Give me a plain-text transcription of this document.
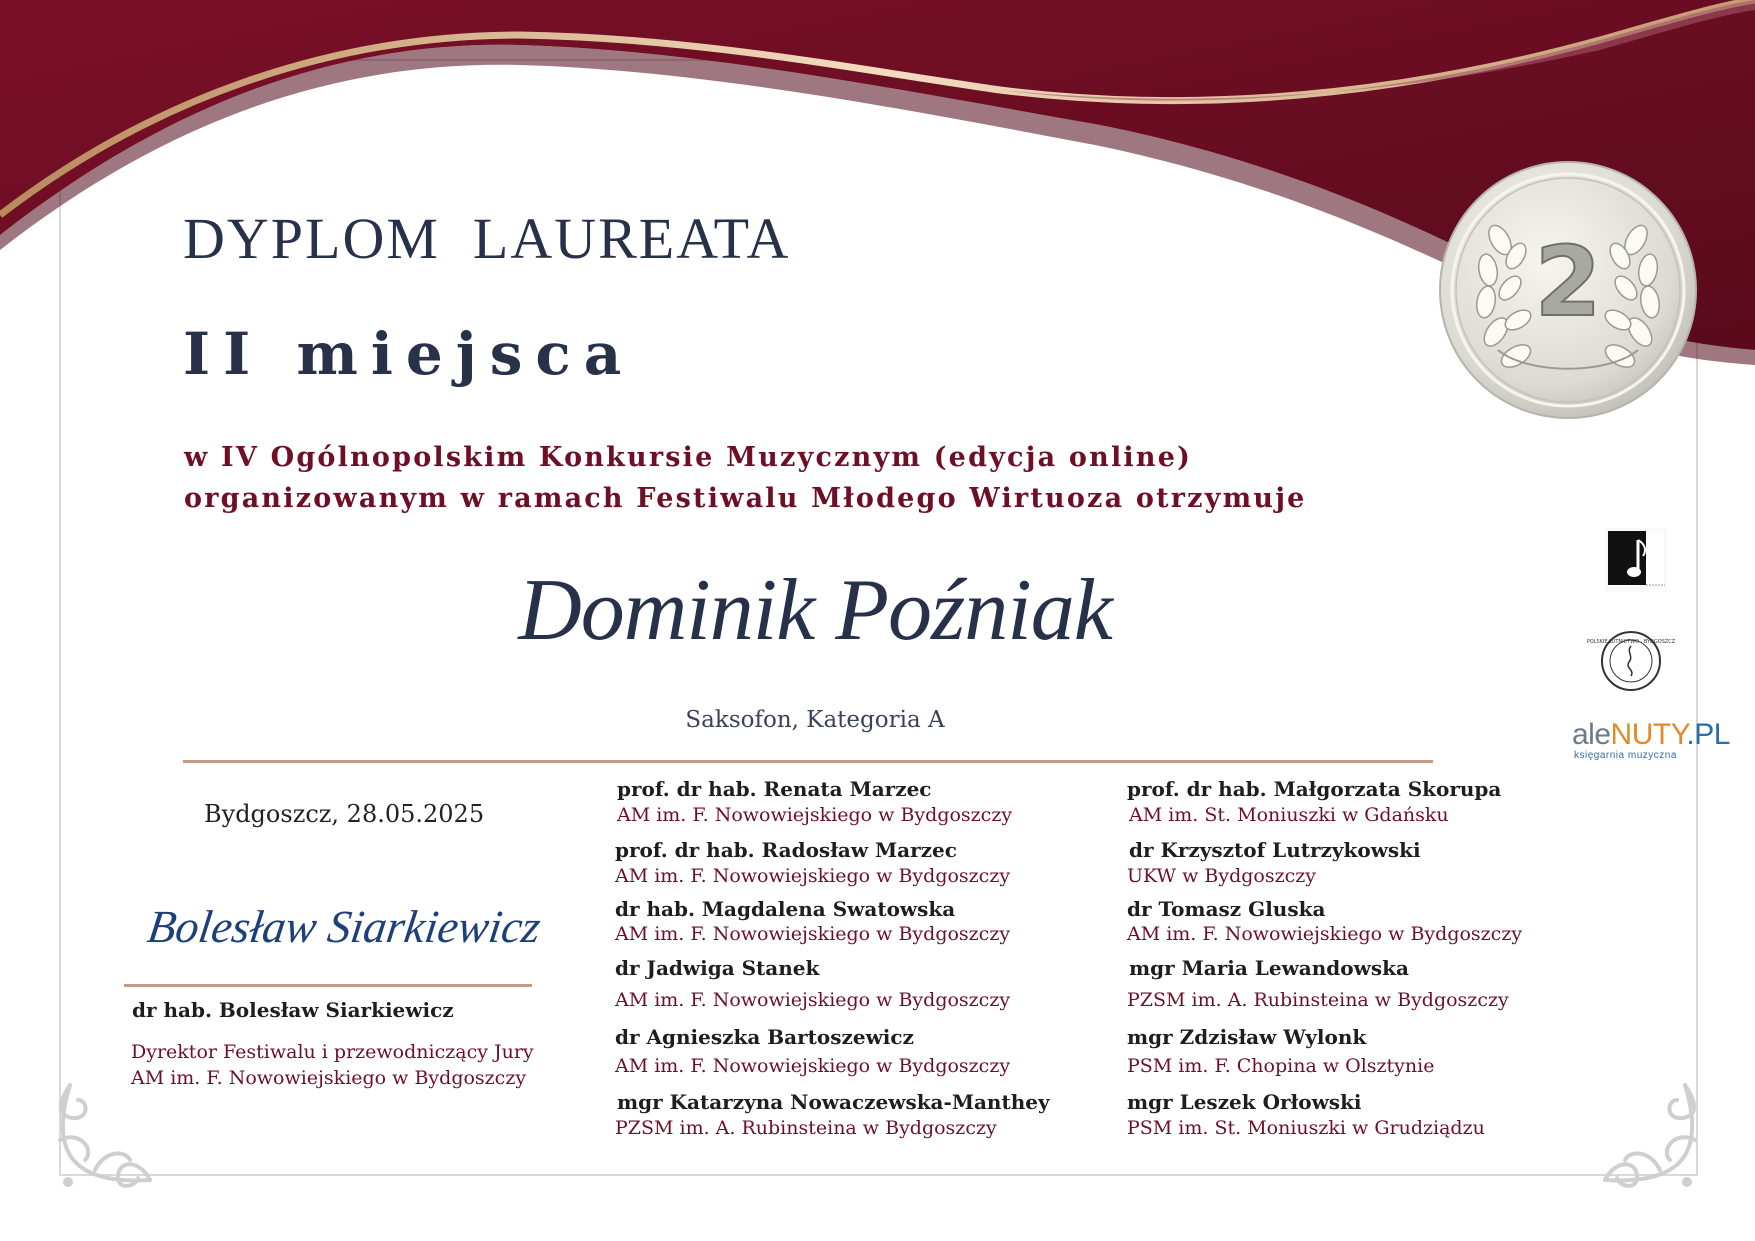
2
DYPLOM  LAUREATA
II miejsca
w IV Ogólnopolskim Konkursie Muzycznym (edycja online)
organizowanym w ramach Festiwalu Młodego Wirtuoza otrzymuje
Dominik Poźniak
Saksofon, Kategoria A
Bydgoszcz, 28.05.2025
Bolesław Siarkiewicz
dr hab. Bolesław Siarkiewicz
Dyrektor Festiwalu i przewodniczący Jury
AM im. F. Nowowiejskiego w Bydgoszczy
prof. dr hab. Renata Marzec
AM im. F. Nowowiejskiego w Bydgoszczy
prof. dr hab. Radosław Marzec
AM im. F. Nowowiejskiego w Bydgoszczy
dr hab. Magdalena Swatowska
AM im. F. Nowowiejskiego w Bydgoszczy
dr Jadwiga Stanek
AM im. F. Nowowiejskiego w Bydgoszczy
dr Agnieszka Bartoszewicz
AM im. F. Nowowiejskiego w Bydgoszczy
mgr Katarzyna Nowaczewska-Manthey
PZSM im. A. Rubinsteina w Bydgoszczy
prof. dr hab. Małgorzata Skorupa
AM im. St. Moniuszki w Gdańsku
dr Krzysztof Lutrzykowski
UKW w Bydgoszczy
dr Tomasz Gluska
AM im. F. Nowowiejskiego w Bydgoszczy
mgr Maria Lewandowska
PZSM im. A. Rubinsteina w Bydgoszczy
mgr Zdzisław Wylonk
PSM im. F. Chopina w Olsztynie
mgr Leszek Orłowski
PSM im. St. Moniuszki w Grudziądzu
POLSKIE LUTNICTWO · BYDGOSZCZ
aleNUTY.PL
księgarnia muzyczna
